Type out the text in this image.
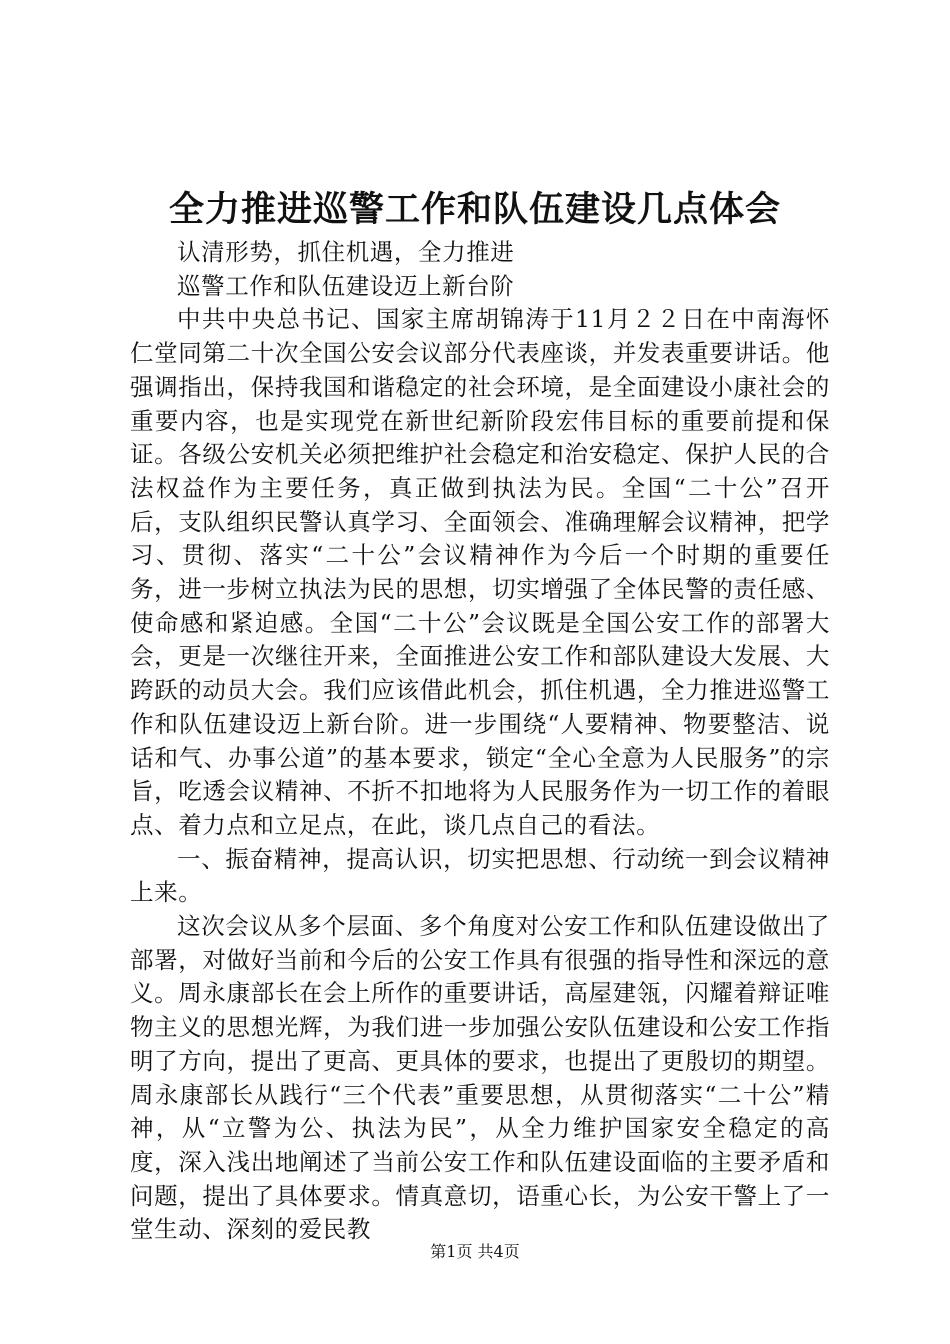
全力推进巡警工作和队伍建设几点体会

认清形势，抓住机遇，全力推进

巡警工作和队伍建设迈上新台阶

中共中央总书记、国家主席胡锦涛于11月２２日在中南海怀仁堂同第二十次全国公安会议部分代表座谈，并发表重要讲话。他强调指出，保持我国和谐稳定的社会环境，是全面建设小康社会的重要内容，也是实现党在新世纪新阶段宏伟目标的重要前提和保证。各级公安机关必须把维护社会稳定和治安稳定、保护人民的合法权益作为主要任务，真正做到执法为民。全国“二十公”召开后，支队组织民警认真学习、全面领会、准确理解会议精神，把学习、贯彻、落实“二十公”会议精神作为今后一个时期的重要任务，进一步树立执法为民的思想，切实增强了全体民警的责任感、使命感和紧迫感。全国“二十公”会议既是全国公安工作的部署大会，更是一次继往开来，全面推进公安工作和部队建设大发展、大跨跃的动员大会。我们应该借此机会，抓住机遇，全力推进巡警工作和队伍建设迈上新台阶。进一步围绕“人要精神、物要整洁、说话和气、办事公道”的基本要求，锁定“全心全意为人民服务”的宗旨，吃透会议精神、不折不扣地将为人民服务作为一切工作的着眼点、着力点和立足点，在此，谈几点自己的看法。

一、振奋精神，提高认识，切实把思想、行动统一到会议精神上来。

这次会议从多个层面、多个角度对公安工作和队伍建设做出了部署，对做好当前和今后的公安工作具有很强的指导性和深远的意义。周永康部长在会上所作的重要讲话，高屋建瓴，闪耀着辩证唯物主义的思想光辉，为我们进一步加强公安队伍建设和公安工作指明了方向，提出了更高、更具体的要求，也提出了更殷切的期望。周永康部长从践行“三个代表”重要思想，从贯彻落实“二十公”精神，从“立警为公、执法为民”，从全力维护国家安全稳定的高度，深入浅出地阐述了当前公安工作和队伍建设面临的主要矛盾和问题，提出了具体要求。情真意切，语重心长，为公安干警上了一堂生动、深刻的爱民教

第1页 共4页
